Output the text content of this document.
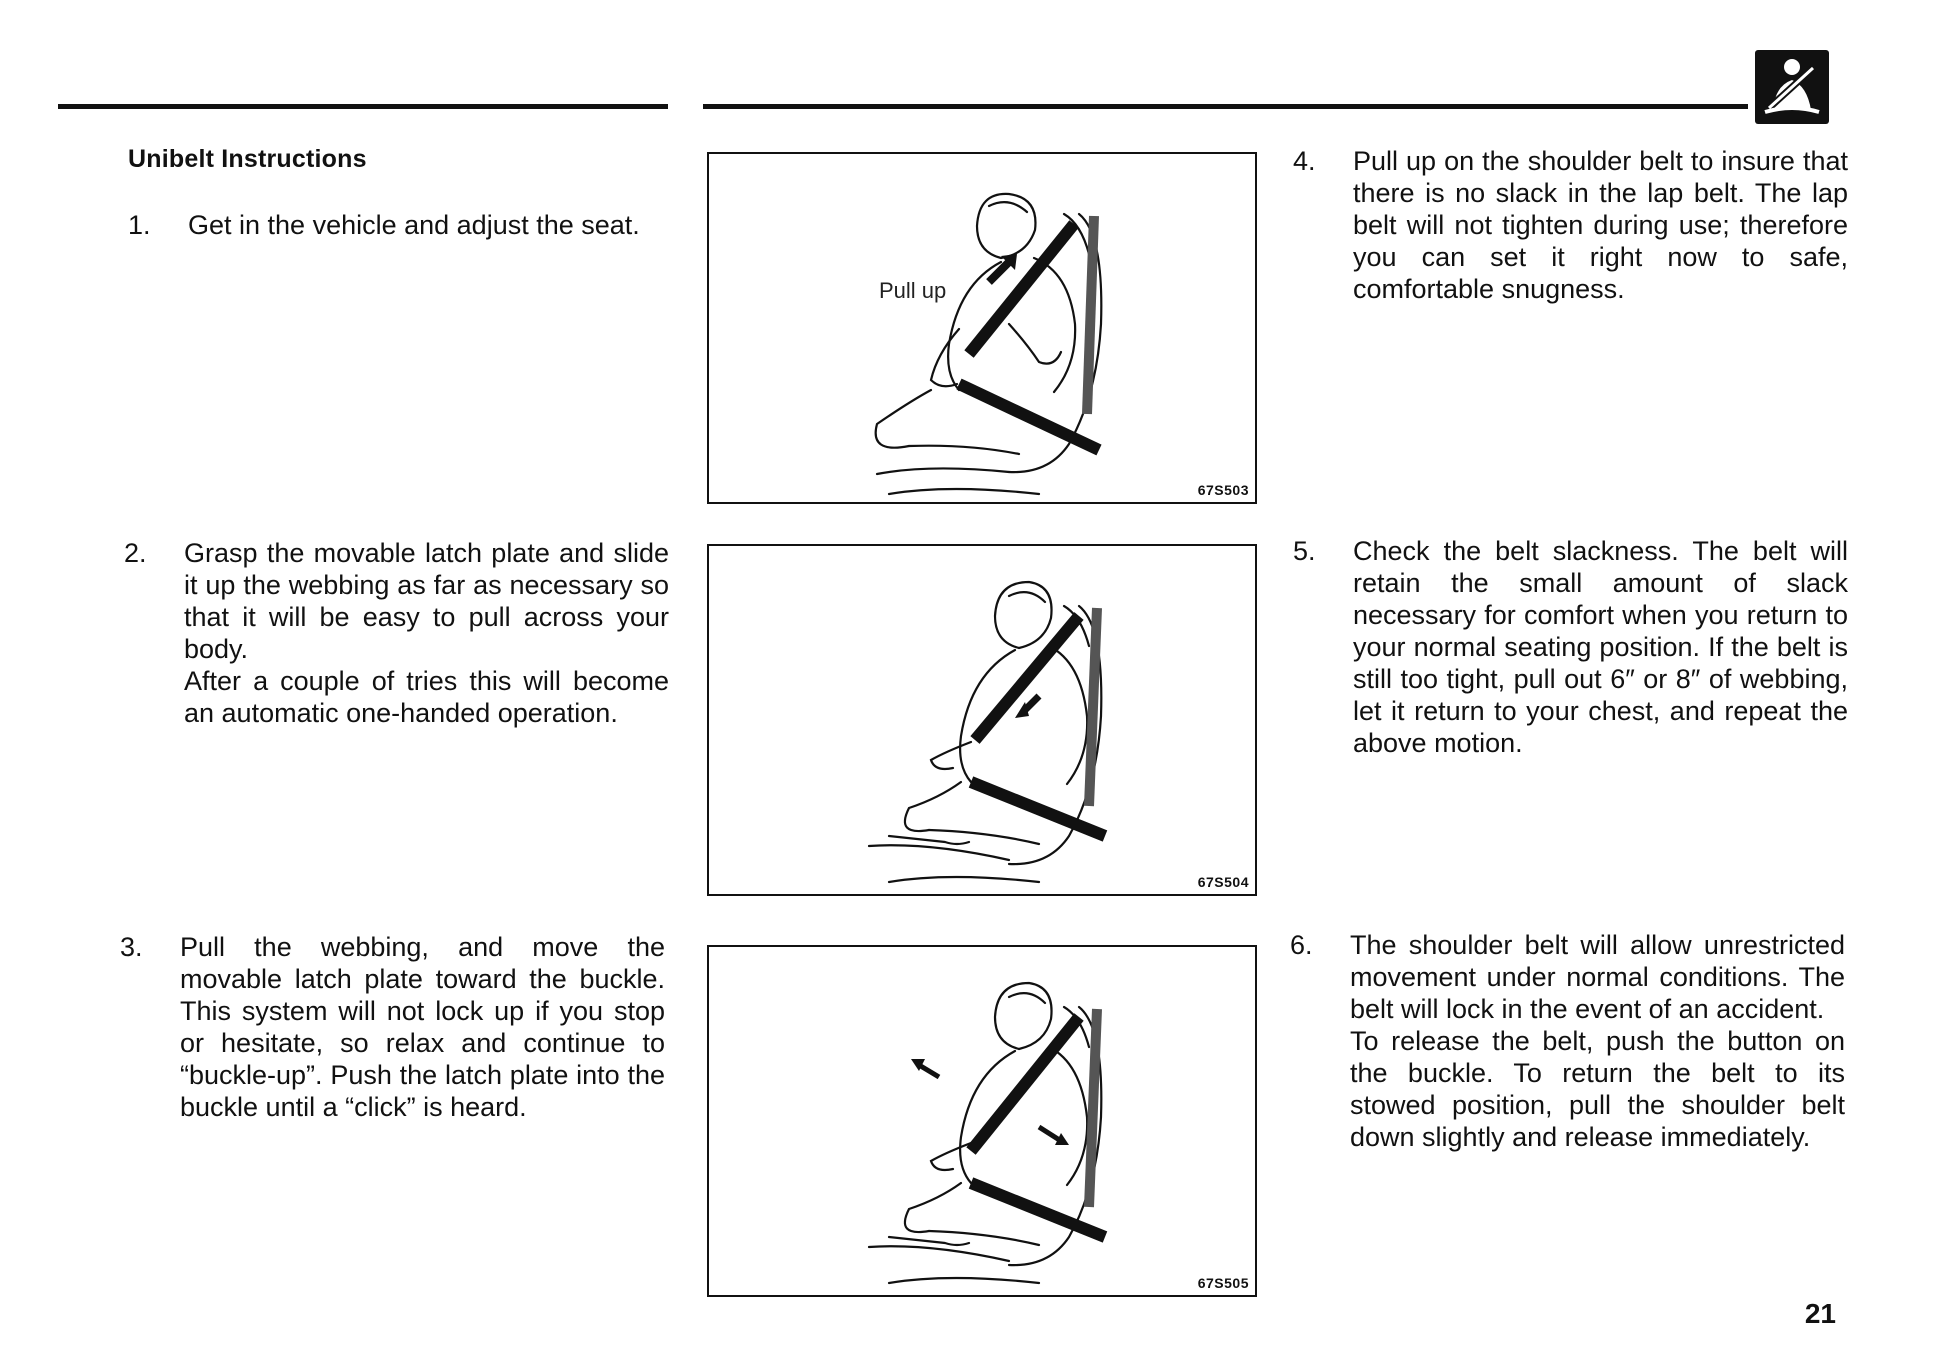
Unibelt Instructions
1.	Get in the vehicle and adjust the seat.

2.	Grasp the movable latch plate and slide it up the webbing as far as necessary so that it will be easy to pull across your body.

After a couple of tries this will become an automatic one-handed operation.

3.	Pull the webbing, and move the movable latch plate toward the buckle. This system will not lock up if you stop or hesitate, so relax and continue to “buckle-up”. Push the latch plate into the buckle until a “click” is heard.

4.	Pull up on the shoulder belt to insure that there is no slack in the lap belt. The lap belt will not tighten during use; therefore you can set it right now to safe, comfortable snugness.

5.	Check the belt slackness. The belt will retain the small amount of slack necessary for comfort when you return to your normal seating position. If the belt is still too tight, pull out 6″ or 8″ of webbing, let it return to your chest, and repeat the above motion.

6.	The shoulder belt will allow unrestricted movement under normal conditions. The belt will lock in the event of an accident.

To release the belt, push the button on the buckle. To return the belt to its stowed position, pull the shoulder belt down slightly and release immediately.

Pull up
67S503
67S504
67S505
21
